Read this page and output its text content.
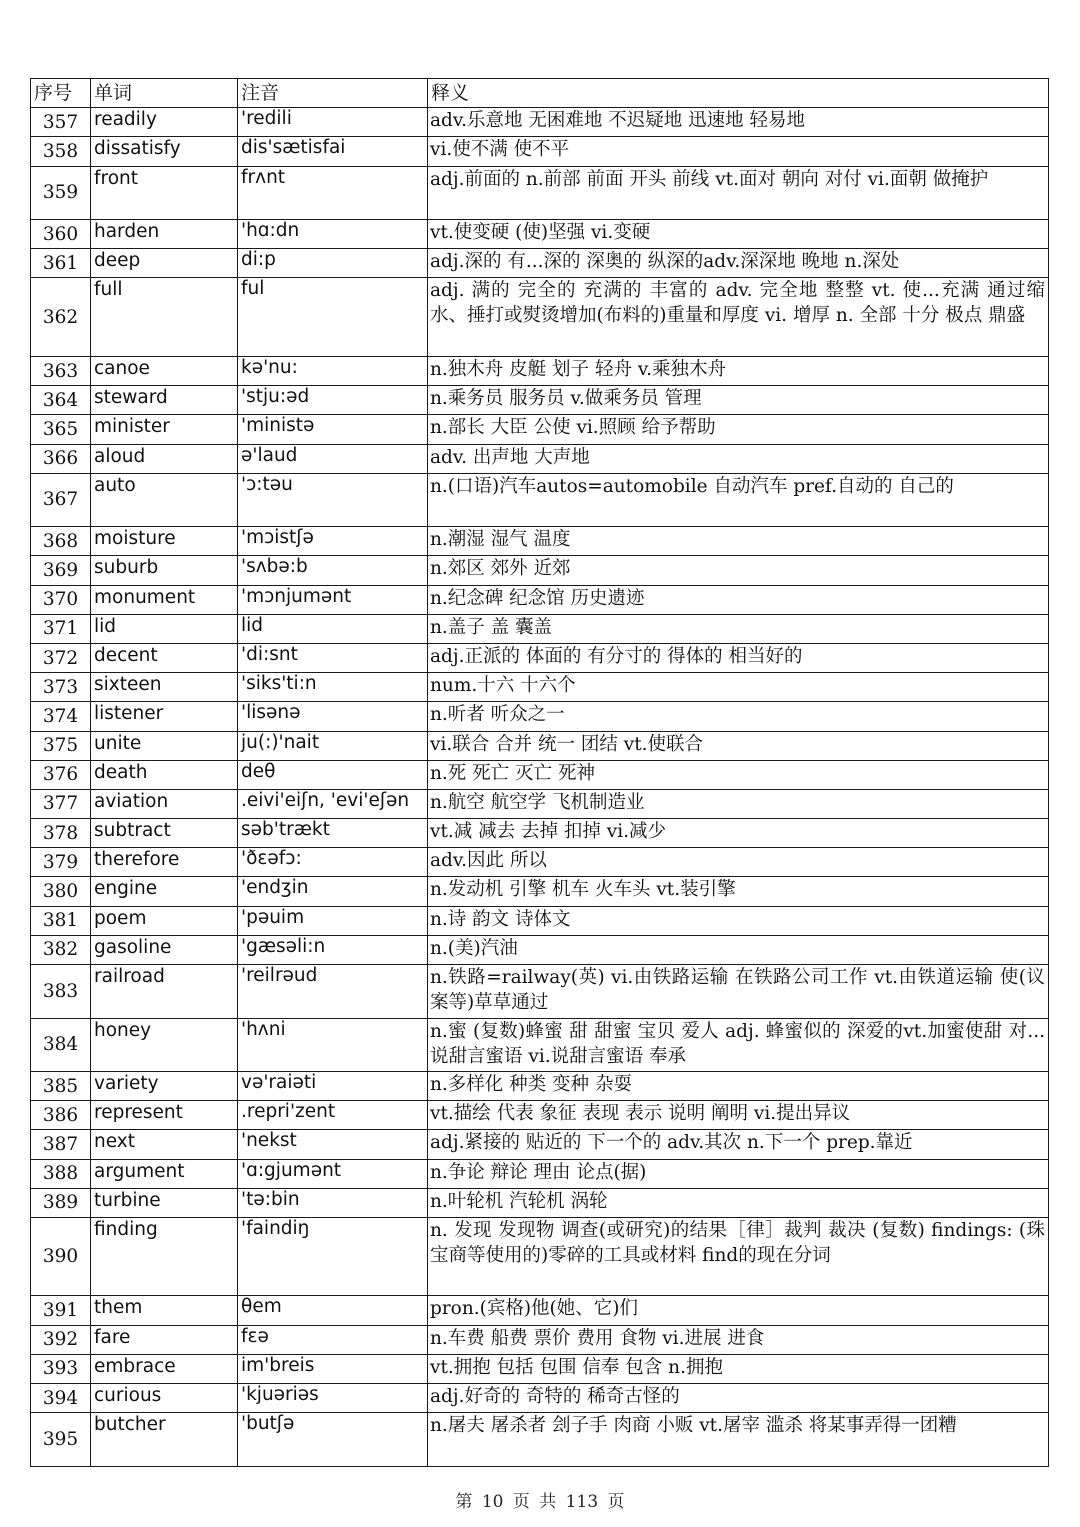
序号	单词	注音	释义
357	readily	'redili	adv.乐意地 无困难地 不迟疑地 迅速地 轻易地
358	dissatisfy	dis'sætisfai	vi.使不满 使不平
359	front	frʌnt	adj.前面的 n.前部 前面 开头 前线 vt.面对 朝向 对付 vi.面朝 做掩护
360	harden	'hɑ:dn	vt.使变硬 (使)坚强 vi.变硬
361	deep	di:p	adj.深的 有...深的 深奥的 纵深的adv.深深地 晚地 n.深处
362	full	ful	adj. 满的 完全的 充满的 丰富的 adv. 完全地 整整 vt. 使...充满 通过缩水、捶打或熨烫增加(布料的)重量和厚度 vi. 增厚 n. 全部 十分 极点 鼎盛
363	canoe	kə'nu:	n.独木舟 皮艇 划子 轻舟 v.乘独木舟
364	steward	'stju:əd	n.乘务员 服务员 v.做乘务员 管理
365	minister	'ministə	n.部长 大臣 公使 vi.照顾 给予帮助
366	aloud	ə'laud	adv. 出声地 大声地
367	auto	'ɔ:təu	n.(口语)汽车autos=automobile 自动汽车 pref.自动的 自己的
368	moisture	'mɔistʃə	n.潮湿 湿气 温度
369	suburb	'sʌbə:b	n.郊区 郊外 近郊
370	monument	'mɔnjumənt	n.纪念碑 纪念馆 历史遗迹
371	lid	lid	n.盖子 盖 囊盖
372	decent	'di:snt	adj.正派的 体面的 有分寸的 得体的 相当好的
373	sixteen	'siks'ti:n	num.十六 十六个
374	listener	'lisənə	n.听者 听众之一
375	unite	ju(:)'nait	vi.联合 合并 统一 团结 vt.使联合
376	death	deθ	n.死 死亡 灭亡 死神
377	aviation	.eivi'eiʃn, 'evi'eʃən	n.航空 航空学 飞机制造业
378	subtract	səb'trækt	vt.减 减去 去掉 扣掉 vi.减少
379	therefore	'ðɛəfɔ:	adv.因此 所以
380	engine	'endʒin	n.发动机 引擎 机车 火车头 vt.装引擎
381	poem	'pəuim	n.诗 韵文 诗体文
382	gasoline	'gæsəli:n	n.(美)汽油
383	railroad	'reilrəud	n.铁路=railway(英) vi.由铁路运输 在铁路公司工作 vt.由铁道运输 使(议案等)草草通过
384	honey	'hʌni	n.蜜 (复数)蜂蜜 甜 甜蜜 宝贝 爱人 adj. 蜂蜜似的 深爱的vt.加蜜使甜 对...说甜言蜜语 vi.说甜言蜜语 奉承
385	variety	və'raiəti	n.多样化 种类 变种 杂耍
386	represent	.repri'zent	vt.描绘 代表 象征 表现 表示 说明 阐明 vi.提出异议
387	next	'nekst	adj.紧接的 贴近的 下一个的 adv.其次 n.下一个 prep.靠近
388	argument	'ɑ:gjumənt	n.争论 辩论 理由 论点(据)
389	turbine	'tə:bin	n.叶轮机 汽轮机 涡轮
390	finding	'faindiŋ	n. 发现 发现物 调查(或研究)的结果［律］裁判 裁决 (复数) findings: (珠宝商等使用的)零碎的工具或材料 find的现在分词
391	them	θem	pron.(宾格)他(她、它)们
392	fare	fɛə	n.车费 船费 票价 费用 食物 vi.进展 进食
393	embrace	im'breis	vt.拥抱 包括 包围 信奉 包含 n.拥抱
394	curious	'kjuəriəs	adj.好奇的 奇特的 稀奇古怪的
395	butcher	'butʃə	n.屠夫 屠杀者 刽子手 肉商 小贩 vt.屠宰 滥杀 将某事弄得一团糟
第 10 页 共 113 页
